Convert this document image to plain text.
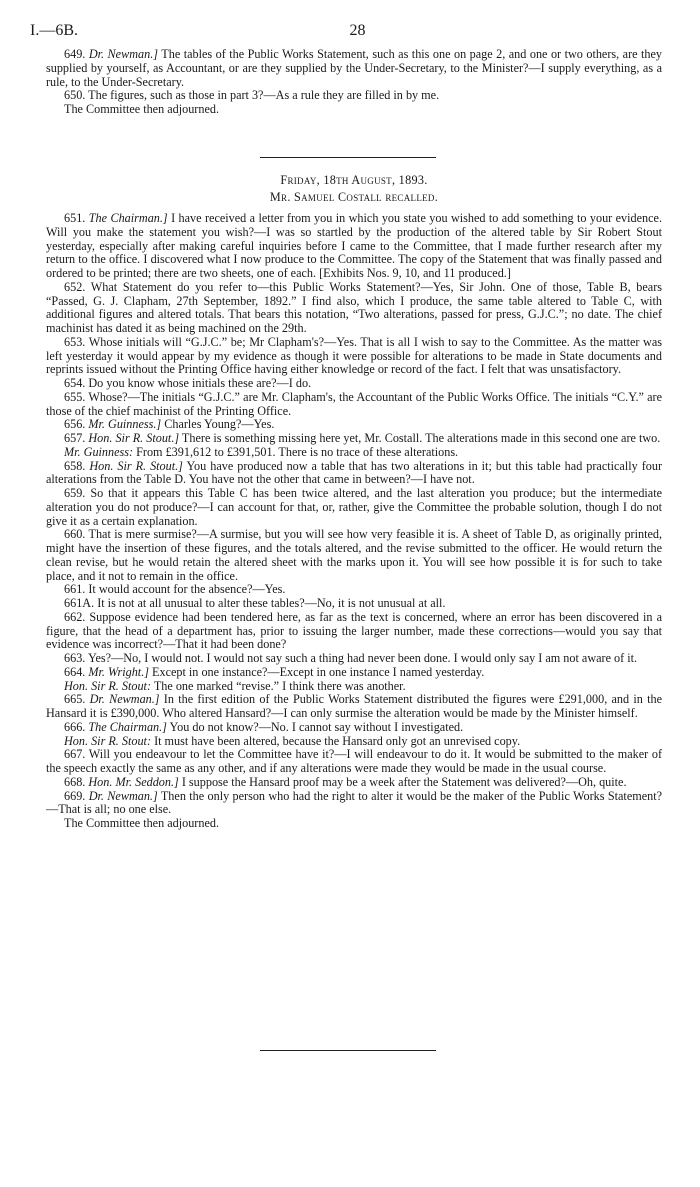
I.—6B.	28

649. Dr. Newman.] The tables of the Public Works Statement, such as this one on page 2, and one or two others, are they supplied by yourself, as Accountant, or are they supplied by the Under-Secretary, to the Minister?—I supply everything, as a rule, to the Under-Secretary.

650. The figures, such as those in part 3?—As a rule they are filled in by me.

The Committee then adjourned.

Friday, 18th August, 1893.

Mr. Samuel Costall recalled.

651. The Chairman.] I have received a letter from you in which you state you wished to add something to your evidence. Will you make the statement you wish?—I was so startled by the production of the altered table by Sir Robert Stout yesterday, especially after making careful inquiries before I came to the Committee, that I made further research after my return to the office. I discovered what I now produce to the Committee. The copy of the Statement that was finally passed and ordered to be printed; there are two sheets, one of each. [Exhibits Nos. 9, 10, and 11 produced.]

652. What Statement do you refer to—this Public Works Statement?—Yes, Sir John. One of those, Table B, bears “Passed, G. J. Clapham, 27th September, 1892.” I find also, which I produce, the same table altered to Table C, with additional figures and altered totals. That bears this notation, “Two alterations, passed for press, G.J.C.”; no date. The chief machinist has dated it as being machined on the 29th.

653. Whose initials will “G.J.C.” be; Mr Clapham's?—Yes. That is all I wish to say to the Committee. As the matter was left yesterday it would appear by my evidence as though it were possible for alterations to be made in State documents and reprints issued without the Printing Office having either knowledge or record of the fact. I felt that was unsatisfactory.

654. Do you know whose initials these are?—I do.

655. Whose?—The initials “G.J.C.” are Mr. Clapham's, the Accountant of the Public Works Office. The initials “C.Y.” are those of the chief machinist of the Printing Office.

656. Mr. Guinness.] Charles Young?—Yes.

657. Hon. Sir R. Stout.] There is something missing here yet, Mr. Costall. The alterations made in this second one are two.

Mr. Guinness: From £391,612 to £391,501. There is no trace of these alterations.

658. Hon. Sir R. Stout.] You have produced now a table that has two alterations in it; but this table had practically four alterations from the Table D. You have not the other that came in between?—I have not.

659. So that it appears this Table C has been twice altered, and the last alteration you produce; but the intermediate alteration you do not produce?—I can account for that, or, rather, give the Committee the probable solution, though I do not give it as a certain explanation.

660. That is mere surmise?—A surmise, but you will see how very feasible it is. A sheet of Table D, as originally printed, might have the insertion of these figures, and the totals altered, and the revise submitted to the officer. He would return the clean revise, but he would retain the altered sheet with the marks upon it. You will see how possible it is for such to take place, and it not to remain in the office.

661. It would account for the absence?—Yes.

661A. It is not at all unusual to alter these tables?—No, it is not unusual at all.

662. Suppose evidence had been tendered here, as far as the text is concerned, where an error has been discovered in a figure, that the head of a department has, prior to issuing the larger number, made these corrections—would you say that evidence was incorrect?—That it had been done?

663. Yes?—No, I would not. I would not say such a thing had never been done. I would only say I am not aware of it.

664. Mr. Wright.] Except in one instance?—Except in one instance I named yesterday.

Hon. Sir R. Stout: The one marked “revise.” I think there was another.

665. Dr. Newman.] In the first edition of the Public Works Statement distributed the figures were £291,000, and in the Hansard it is £390,000. Who altered Hansard?—I can only surmise the alteration would be made by the Minister himself.

666. The Chairman.] You do not know?—No. I cannot say without I investigated.

Hon. Sir R. Stout: It must have been altered, because the Hansard only got an unrevised copy.

667. Will you endeavour to let the Committee have it?—I will endeavour to do it. It would be submitted to the maker of the speech exactly the same as any other, and if any alterations were made they would be made in the usual course.

668. Hon. Mr. Seddon.] I suppose the Hansard proof may be a week after the Statement was delivered?—Oh, quite.

669. Dr. Newman.] Then the only person who had the right to alter it would be the maker of the Public Works Statement?—That is all; no one else.

The Committee then adjourned.
